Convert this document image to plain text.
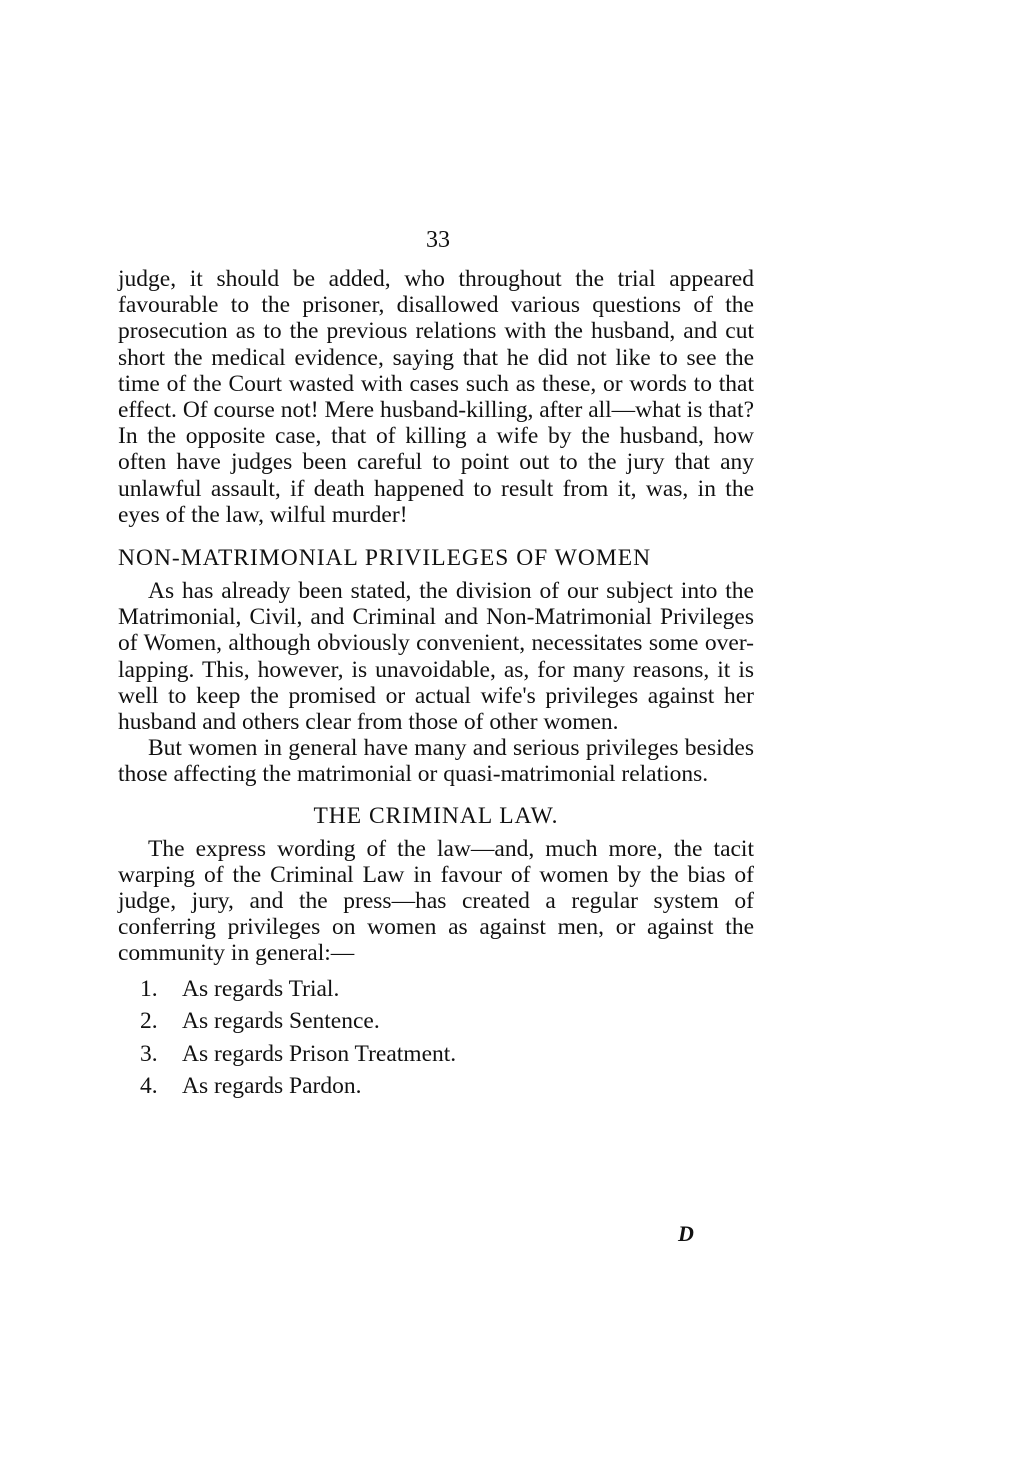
33

judge, it should be added, who throughout the trial appeared favourable to the prisoner, disallowed various questions of the prosecution as to the previous relations with the husband, and cut short the medical evidence, saying that he did not like to see the time of the Court wasted with cases such as these, or words to that effect. Of course not! Mere husband-killing, after all—what is that? In the opposite case, that of killing a wife by the husband, how often have judges been careful to point out to the jury that any unlawful assault, if death happened to result from it, was, in the eyes of the law, wilful murder!

NON-MATRIMONIAL PRIVILEGES OF WOMEN

As has already been stated, the division of our subject into the Matrimonial, Civil, and Criminal and Non-Matrimonial Privileges of Women, although obviously convenient, necessitates some over-lapping. This, however, is unavoidable, as, for many reasons, it is well to keep the promised or actual wife's privileges against her husband and others clear from those of other women.

But women in general have many and serious privileges besides those affecting the matrimonial or quasi-matrimonial relations.

THE CRIMINAL LAW.

The express wording of the law—and, much more, the tacit warping of the Criminal Law in favour of women by the bias of judge, jury, and the press—has created a regular system of conferring privileges on women as against men, or against the community in general:—

1. As regards Trial.
2. As regards Sentence.
3. As regards Prison Treatment.
4. As regards Pardon.
D
